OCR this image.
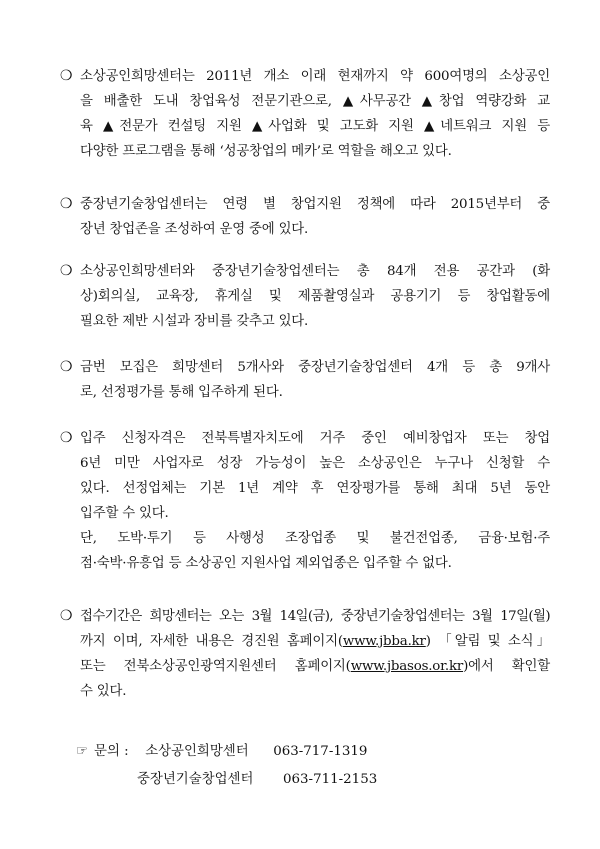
❍ 소상공인희망센터는 2011년 개소 이래 현재까지 약 600여명의 소상공인
을 배출한 도내 창업육성 전문기관으로, ▲사무공간 ▲창업 역량강화 교
육 ▲전문가 컨설팅 지원 ▲사업화 및 고도화 지원 ▲네트워크 지원 등
다양한 프로그램을 통해 ‘성공창업의 메카’로 역할을 해오고 있다.
❍ 중장년기술창업센터는 연령 별 창업지원 정책에 따라 2015년부터 중
장년 창업존을 조성하여 운영 중에 있다.
❍ 소상공인희망센터와 중장년기술창업센터는 총 84개 전용 공간과 (화
상)회의실, 교육장, 휴게실 및 제품촬영실과 공용기기 등 창업활동에
필요한 제반 시설과 장비를 갖추고 있다.
❍ 금번 모집은 희망센터 5개사와 중장년기술창업센터 4개 등 총 9개사
로, 선정평가를 통해 입주하게 된다.
❍ 입주 신청자격은 전북특별자치도에 거주 중인 예비창업자 또는 창업
6년 미만 사업자로 성장 가능성이 높은 소상공인은 누구나 신청할 수
있다. 선정업체는 기본 1년 계약 후 연장평가를 통해 최대 5년 동안
입주할 수 있다.
단, 도박·투기 등 사행성 조장업종 및 불건전업종, 금융·보험·주
점·숙박·유흥업 등 소상공인 지원사업 제외업종은 입주할 수 없다.
❍ 접수기간은 희망센터는 오는 3월 14일(금), 중장년기술창업센터는 3월 17일(월)
까지 이며, 자세한 내용은 경진원 홈페이지(www.jbba.kr) 「알림 및 소식」
또는 전북소상공인광역지원센터 홈페이지(www.jbasos.or.kr)에서 확인할
수 있다.
☞ 문의 : 소상공인희망센터 063-717-1319
중장년기술창업센터 063-711-2153
